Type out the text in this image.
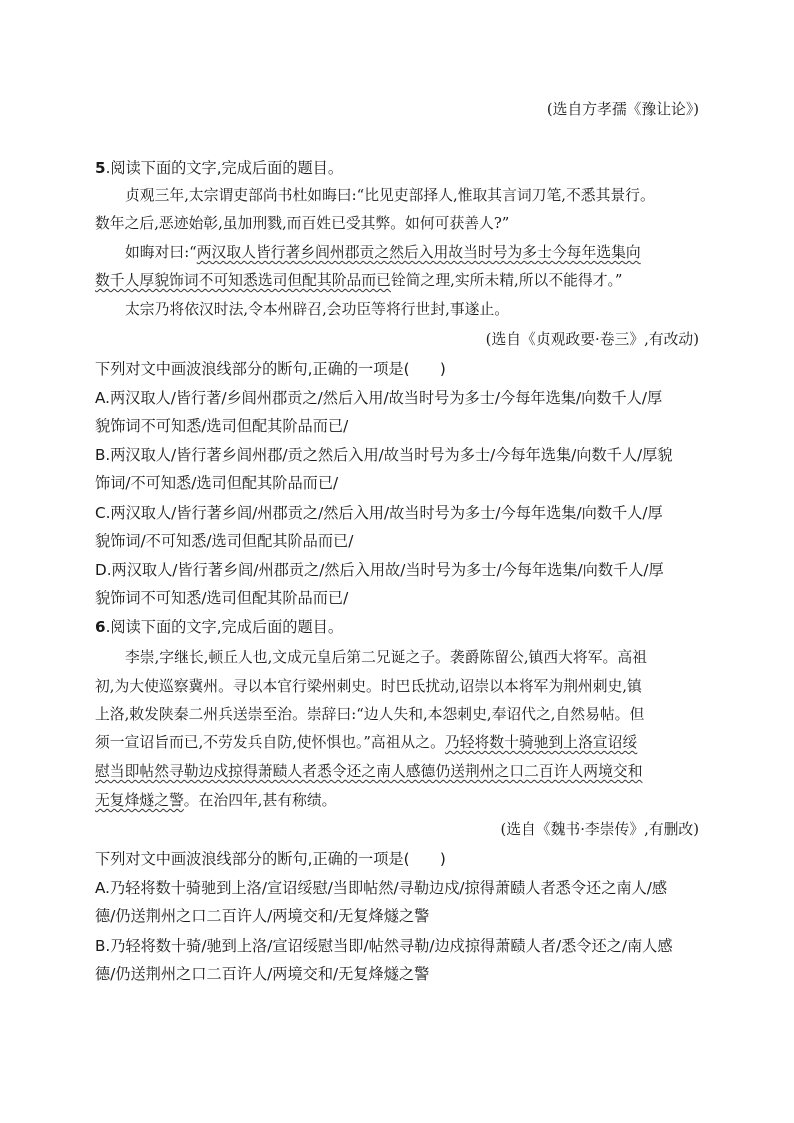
(选自方孝孺《豫让论》)
5.阅读下面的文字,完成后面的题目。
贞观三年,太宗谓吏部尚书杜如晦曰:“比见吏部择人,惟取其言词刀笔,不悉其景行。
数年之后,恶迹始彰,虽加刑戮,而百姓已受其弊。如何可获善人?”
如晦对曰:“两汉取人皆行著乡闾州郡贡之然后入用故当时号为多士今每年选集向
数千人厚貌饰词不可知悉选司但配其阶品而已铨简之理,实所未精,所以不能得才。”
太宗乃将依汉时法,令本州辟召,会功臣等将行世封,事遂止。
(选自《贞观政要·卷三》,有改动)
下列对文中画波浪线部分的断句,正确的一项是(　　)
A.两汉取人/皆行著/乡闾州郡贡之/然后入用/故当时号为多士/今每年选集/向数千人/厚
貌饰词不可知悉/选司但配其阶品而已/
B.两汉取人/皆行著乡闾州郡/贡之然后入用/故当时号为多士/今每年选集/向数千人/厚貌
饰词/不可知悉/选司但配其阶品而已/
C.两汉取人/皆行著乡闾/州郡贡之/然后入用/故当时号为多士/今每年选集/向数千人/厚
貌饰词/不可知悉/选司但配其阶品而已/
D.两汉取人/皆行著乡闾/州郡贡之/然后入用故/当时号为多士/今每年选集/向数千人/厚
貌饰词不可知悉/选司但配其阶品而已/
6.阅读下面的文字,完成后面的题目。
李崇,字继长,顿丘人也,文成元皇后第二兄诞之子。袭爵陈留公,镇西大将军。高祖
初,为大使巡察冀州。寻以本官行梁州刺史。时巴氐扰动,诏崇以本将军为荆州刺史,镇
上洛,敕发陕秦二州兵送崇至治。崇辞曰:“边人失和,本怨刺史,奉诏代之,自然易帖。但
须一宣诏旨而已,不劳发兵自防,使怀惧也。”高祖从之。乃轻将数十骑驰到上洛宣诏绥
慰当即帖然寻勒边戍掠得萧赜人者悉令还之南人感德仍送荆州之口二百许人两境交和
无复烽燧之警。在治四年,甚有称绩。
(选自《魏书·李崇传》,有删改)
下列对文中画波浪线部分的断句,正确的一项是(　　)
A.乃轻将数十骑驰到上洛/宣诏绥慰/当即帖然/寻勒边戍/掠得萧赜人者悉令还之南人/感
德/仍送荆州之口二百许人/两境交和/无复烽燧之警
B.乃轻将数十骑/驰到上洛/宣诏绥慰当即/帖然寻勒/边戍掠得萧赜人者/悉令还之/南人感
德/仍送荆州之口二百许人/两境交和/无复烽燧之警
